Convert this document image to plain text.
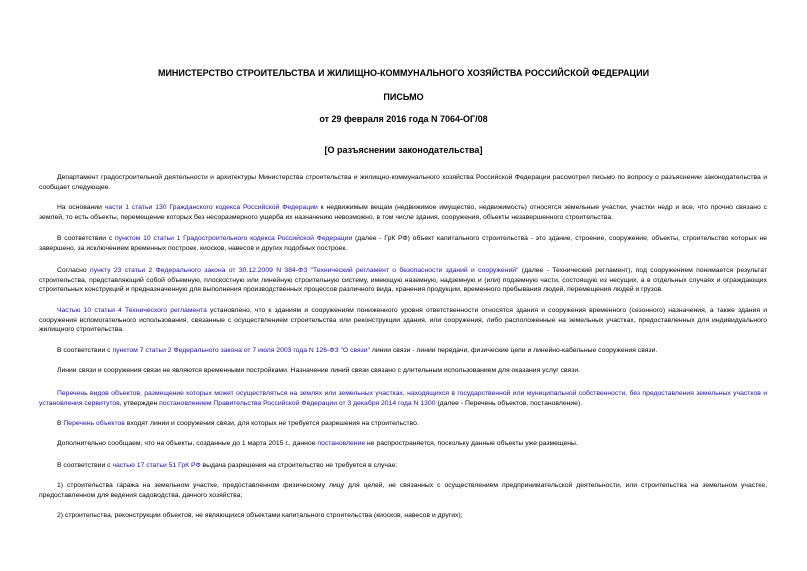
МИНИСТЕРСТВО СТРОИТЕЛЬСТВА И ЖИЛИЩНО-КОММУНАЛЬНОГО ХОЗЯЙСТВА РОССИЙСКОЙ ФЕДЕРАЦИИ
ПИСЬМО
от 29 февраля 2016 года N 7064-ОГ/08
[О разъяснении законодательства]
Департамент градостроительной деятельности и архитектуры Министерства строительства и жилищно-коммунального хозяйства Российской Федерации рассмотрел письмо по вопросу о разъяснении законодательства и сообщает следующее.
На основании части 1 статьи 130 Гражданского кодекса Российской Федерации к недвижимым вещам (недвижимое имущество, недвижимость) относятся земельные участки, участки недр и все, что прочно связано с землей, то есть объекты, перемещение которых без несоразмерного ущерба их назначению невозможно, в том числе здания, сооружения, объекты незавершенного строительства.
В соответствии с пунктом 10 статьи 1 Градостроительного кодекса Российской Федерации (далее - ГрК РФ) объект капитального строительства - это здание, строение, сооружение, объекты, строительство которых не завершено, за исключением временных построек, киосков, навесов и других подобных построек.
Согласно пункту 23 статьи 2 Федерального закона от 30.12.2009 N 384-ФЗ "Технический регламент о безопасности зданий и сооружений" (далее - Технический регламент), под сооружением понимается результат строительства, представляющий собой объемную, плоскостную или линейную строительную систему, имеющую наземную, надземную и (или) подземную части, состоящую из несущих, а в отдельных случаях и ограждающих строительных конструкций и предназначенную для выполнения производственных процессов различного вида, хранения продукции, временного пребывания людей, перемещения людей и грузов.
Частью 10 статьи 4 Технического регламента установлено, что к зданиям и сооружениям пониженного уровня ответственности относятся здания и сооружения временного (сезонного) назначения, а также здания и сооружения вспомогательного использования, связанные с осуществлением строительства или реконструкции здания, или сооружения, либо расположенные на земельных участках, предоставленных для индивидуального жилищного строительства.
В соответствии с пунктом 7 статьи 2 Федерального закона от 7 июля 2003 года N 126-ФЗ "О связи" линии связи - линии передачи, физические цепи и линейно-кабельные сооружения связи.
Линии связи и сооружения связи не являются временными постройками. Назначение линий связи связано с длительным использованием для оказания услуг связи.
Перечень видов объектов, размещение которых может осуществляться на землях или земельных участках, находящихся в государственной или муниципальной собственности, без предоставления земельных участков и установления сервитутов, утвержден постановлением Правительства Российской Федерации от 3 декабря 2014 года N 1300 (далее - Перечень объектов, постановление).
В Перечень объектов входят линии и сооружения связи, для которых не требуется разрешения на строительство.
Дополнительно сообщаем, что на объекты, созданные до 1 марта 2015 г., данное постановление не распространяется, поскольку данные объекты уже размещены.
В соответствии с частью 17 статьи 51 ГрК РФ выдача разрешения на строительство не требуется в случае:
1) строительства гаража на земельном участке, предоставленном физическому лицу для целей, не связанных с осуществлением предпринимательской деятельности, или строительства на земельном участке, предоставленном для ведения садоводства, дачного хозяйства;
2) строительства, реконструкции объектов, не являющихся объектами капитального строительства (киосков, навесов и других);
